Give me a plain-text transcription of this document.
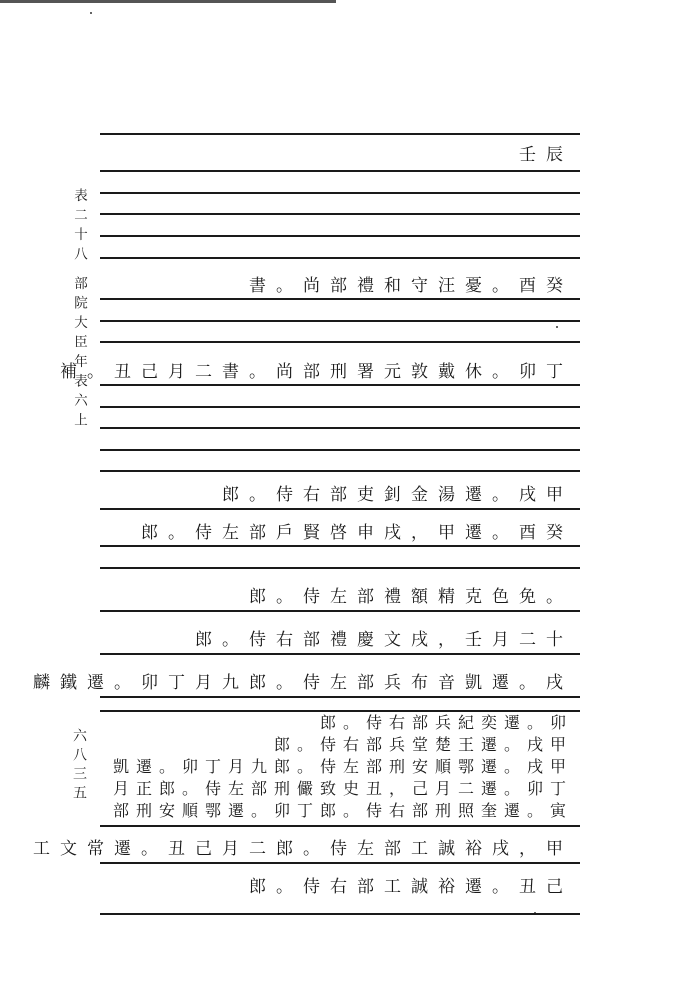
表二十八 部院大臣年表六上
六八三五
壬辰
書。尚部禮和守汪憂。酉癸
補。丑己月二書。尚部刑署元敦戴休。卯丁
郎。侍右部吏釗金湯遷。戌甲
郎。侍左部戶賢啓申戌，甲遷。酉癸
郎。侍左部禮額精克色免。
郎。侍右部禮慶文戌，壬月二十
麟鐵遷。卯丁月九郎。侍左部兵布音凱遷。戌
郎。侍右部兵紀奕遷。卯
郎。侍右部兵堂楚王遷。戌甲
凱遷。卯丁月九郎。侍左部刑安順鄂遷。戌甲
月正郎。侍左部刑儼致史丑，己月二遷。卯丁
部刑安順鄂遷。卯丁郎。侍右部刑照奎遷。寅
工文常遷。丑己月二郎。侍左部工誠裕戌，甲
郎。侍右部工誠裕遷。丑己
